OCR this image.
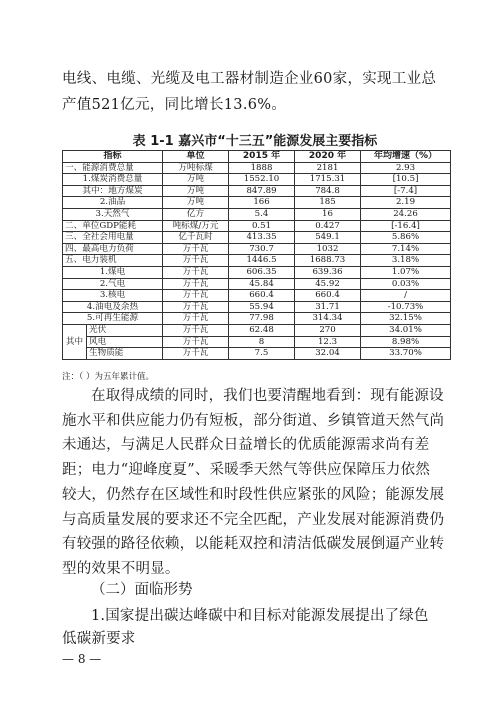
电线、电缆、光缆及电工器材制造企业60家，实现工业总
产值521亿元，同比增长13.6%。
表 1-1 嘉兴市“十三五”能源发展主要指标
指标		单位	2015 年	2020 年	年均增速（%）
一、能源消费总量		万吨标煤	1888	2181	2.93
1.煤炭消费总量		万吨	1552.10	1715.31	[10.5]
其中：地方煤炭		万吨	847.89	784.8	[-7.4]
2.油品		万吨	166	185	2.19
3.天然气		亿方	5.4	16	24.26
二、单位GDP能耗		吨标煤/万元	0.51	0.427	[-16.4]
三、全社会用电量		亿千瓦时	413.35	549.1	5.86%
四、最高电力负荷		万千瓦	730.7	1032	7.14%
五、电力装机		万千瓦	1446.5	1688.73	3.18%
1.煤电		万千瓦	606.35	639.36	1.07%
2.气电		万千瓦	45.84	45.92	0.03%
3.核电		万千瓦	660.4	660.4	/
4.油电及余热		万千瓦	55.94	31.71	-10.73%
5.可再生能源		万千瓦	77.98	314.34	32.15%
其中	光伏	万千瓦	62.48	270	34.01%
	风电	万千瓦	8	12.3	8.98%
	生物质能	万千瓦	7.5	32.04	33.70%
注：（ ）为五年累计值。
在取得成绩的同时，我们也要清醒地看到：现有能源设
施水平和供应能力仍有短板，部分街道、乡镇管道天然气尚
未通达，与满足人民群众日益增长的优质能源需求尚有差
距；电力“迎峰度夏”、采暖季天然气等供应保障压力依然
较大，仍然存在区域性和时段性供应紧张的风险；能源发展
与高质量发展的要求还不完全匹配，产业发展对能源消费仍
有较强的路径依赖，以能耗双控和清洁低碳发展倒逼产业转
型的效果不明显。
（二）面临形势
1.国家提出碳达峰碳中和目标对能源发展提出了绿色
低碳新要求
— 8 —
